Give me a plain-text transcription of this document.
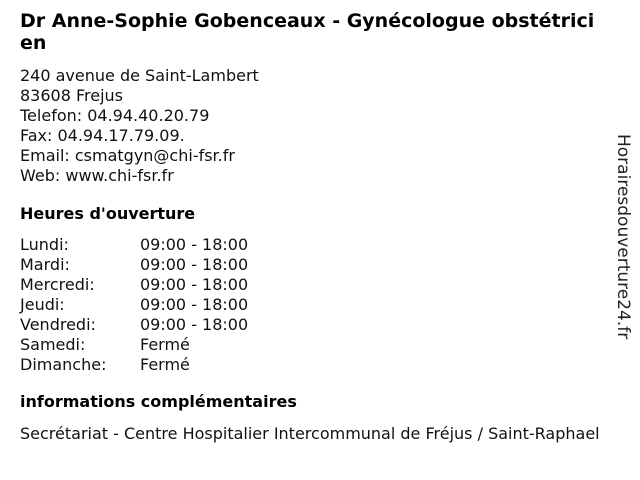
Dr Anne-Sophie Gobenceaux - Gynécologue obstétricien
240 avenue de Saint-Lambert
83608 Frejus
Telefon: 04.94.40.20.79
Fax: 04.94.17.79.09.
Email: csmatgyn@chi-fsr.fr
Web: www.chi-fsr.fr
Heures d'ouverture
Lundi:	09:00 - 18:00
Mardi:	09:00 - 18:00
Mercredi:	09:00 - 18:00
Jeudi:	09:00 - 18:00
Vendredi:	09:00 - 18:00
Samedi:	Fermé
Dimanche:	Fermé
informations complémentaires
Secrétariat - Centre Hospitalier Intercommunal de Fréjus / Saint-Raphael
Horairesdouverture24.fr
